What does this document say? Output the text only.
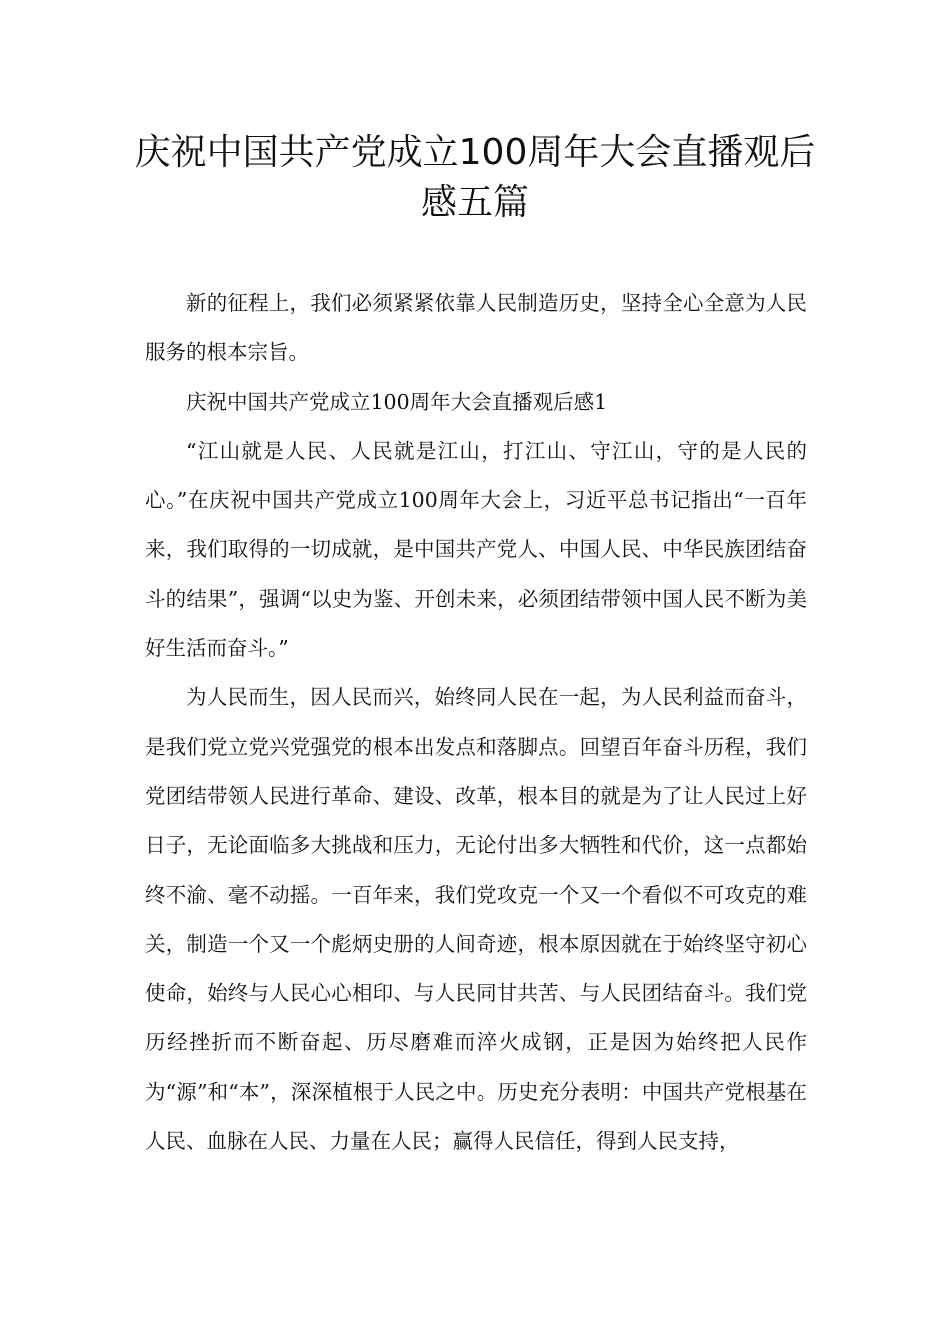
庆祝中国共产党成立100周年大会直播观后感五篇

新的征程上，我们必须紧紧依靠人民制造历史，坚持全心全意为人民服务的根本宗旨。

庆祝中国共产党成立100周年大会直播观后感1

“江山就是人民、人民就是江山，打江山、守江山，守的是人民的心。”在庆祝中国共产党成立100周年大会上，习近平总书记指出“一百年来，我们取得的一切成就，是中国共产党人、中国人民、中华民族团结奋斗的结果”，强调“以史为鉴、开创未来，必须团结带领中国人民不断为美好生活而奋斗。”

为人民而生，因人民而兴，始终同人民在一起，为人民利益而奋斗，是我们党立党兴党强党的根本出发点和落脚点。回望百年奋斗历程，我们党团结带领人民进行革命、建设、改革，根本目的就是为了让人民过上好日子，无论面临多大挑战和压力，无论付出多大牺牲和代价，这一点都始终不渝、毫不动摇。一百年来，我们党攻克一个又一个看似不可攻克的难关，制造一个又一个彪炳史册的人间奇迹，根本原因就在于始终坚守初心使命，始终与人民心心相印、与人民同甘共苦、与人民团结奋斗。我们党历经挫折而不断奋起、历尽磨难而淬火成钢，正是因为始终把人民作为“源”和“本”，深深植根于人民之中。历史充分表明：中国共产党根基在人民、血脉在人民、力量在人民；赢得人民信任，得到人民支持，
